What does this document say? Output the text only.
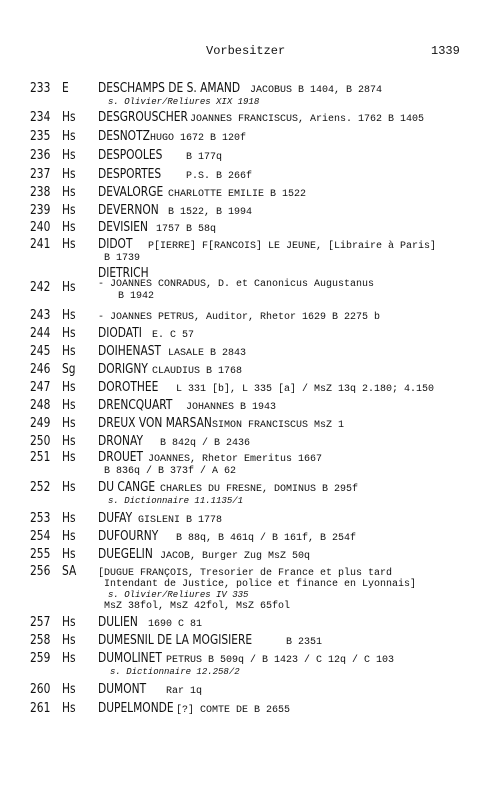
Vorbesitzer	1339
233 E DESCHAMPS DE S. AMAND JACOBUS B 1404, B 2874
s. Olivier/Reliures XIX 1918
234 Hs DESGROUSCHER JOANNES FRANCISCUS, Ariens. 1762 B 1405
235 Hs DESNOTZ HUGO 1672 B 120f
236 Hs DESPOOLES B 177q
237 Hs DESPORTES P.S. B 266f
238 Hs DEVALORGE CHARLOTTE EMILIE B 1522
239 Hs DEVERNON B 1522, B 1994
240 Hs DEVISIEN 1757 B 58q
241 Hs DIDOT P[IERRE] F[RANCOIS] LE JEUNE, [Libraire à Paris]
B 1739
DIETRICH
242 Hs - JOANNES CONRADUS, D. et Canonicus Augustanus
B 1942
243 Hs - JOANNES PETRUS, Auditor, Rhetor 1629 B 2275 b
244 Hs DIODATI E. C 57
245 Hs DOIHENAST LASALE B 2843
246 Sg DORIGNY CLAUDIUS B 1768
247 Hs DOROTHEE L 331 [b], L 335 [a] / MsZ 13q 2.180; 4.150
248 Hs DRENCQUART JOHANNES B 1943
249 Hs DREUX VON MARSAN SIMON FRANCISCUS MsZ 1
250 Hs DRONAY B 842q / B 2436
251 Hs DROUET JOANNES, Rhetor Emeritus 1667
B 836q / B 373f / A 62
252 Hs DU CANGE CHARLES DU FRESNE, DOMINUS B 295f
s. Dictionnaire 11.1135/1
253 Hs DUFAY GISLENI B 1778
254 Hs DUFOURNY B 88q, B 461q / B 161f, B 254f
255 Hs DUEGELIN JACOB, Burger Zug MsZ 50q
256 SA [DUGUE FRANÇOIS, Tresorier de France et plus tard
Intendant de Justice, police et finance en Lyonnais]
s. Olivier/Reliures IV 335
MsZ 38fol, MsZ 42fol, MsZ 65fol
257 Hs DULIEN 1690 C 81
258 Hs DUMESNIL DE LA MOGISIERE	B 2351
259 Hs DUMOLINET PETRUS B 509q / B 1423 / C 12q / C 103
s. Dictionnaire 12.258/2
260 Hs DUMONT Rar 1q
261 Hs DUPELMONDE [?] COMTE DE B 2655
